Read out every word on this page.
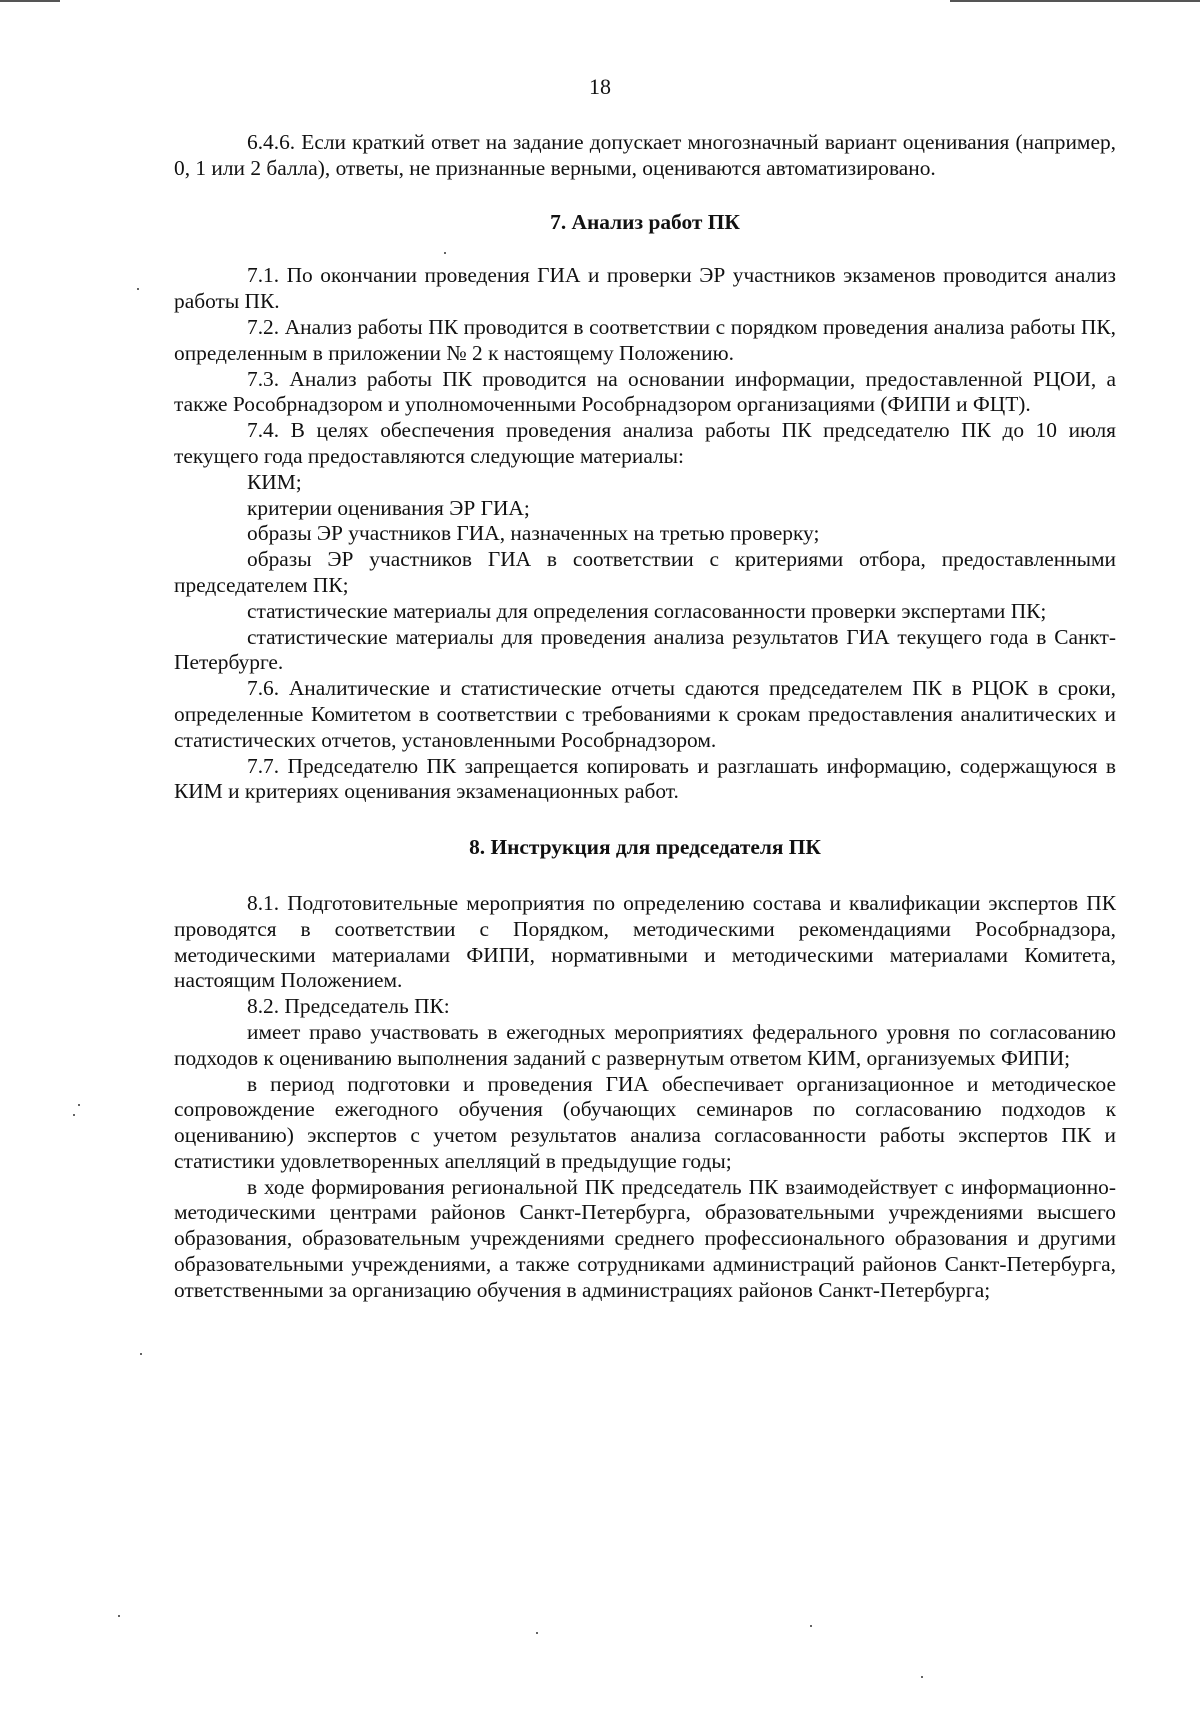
18

6.4.6. Если краткий ответ на задание допускает многозначный вариант оценивания (например, 0, 1 или 2 балла), ответы, не признанные верными, оцениваются автоматизировано.

7. Анализ работ ПК

7.1. По окончании проведения ГИА и проверки ЭР участников экзаменов проводится анализ работы ПК.

7.2. Анализ работы ПК проводится в соответствии с порядком проведения анализа работы ПК, определенным в приложении № 2 к настоящему Положению.

7.3. Анализ работы ПК проводится на основании информации, предоставленной РЦОИ, а также Рособрнадзором и уполномоченными Рособрнадзором организациями (ФИПИ и ФЦТ).

7.4. В целях обеспечения проведения анализа работы ПК председателю ПК до 10 июля текущего года предоставляются следующие материалы:

КИМ;

критерии оценивания ЭР ГИА;

образы ЭР участников ГИА, назначенных на третью проверку;

образы ЭР участников ГИА в соответствии с критериями отбора, предоставленными председателем ПК;

статистические материалы для определения согласованности проверки экспертами ПК;

статистические материалы для проведения анализа результатов ГИА текущего года в Санкт-Петербурге.

7.6. Аналитические и статистические отчеты сдаются председателем ПК в РЦОК в сроки, определенные Комитетом в соответствии с требованиями к срокам предоставления аналитических и статистических отчетов, установленными Рособрнадзором.

7.7. Председателю ПК запрещается копировать и разглашать информацию, содержащуюся в КИМ и критериях оценивания экзаменационных работ.

8. Инструкция для председателя ПК

8.1. Подготовительные мероприятия по определению состава и квалификации экспертов ПК проводятся в соответствии с Порядком, методическими рекомендациями Рособрнадзора, методическими материалами ФИПИ, нормативными и методическими материалами Комитета, настоящим Положением.

8.2. Председатель ПК:

имеет право участвовать в ежегодных мероприятиях федерального уровня по согласованию подходов к оцениванию выполнения заданий с развернутым ответом КИМ, организуемых ФИПИ;

в период подготовки и проведения ГИА обеспечивает организационное и методическое сопровождение ежегодного обучения (обучающих семинаров по согласованию подходов к оцениванию) экспертов с учетом результатов анализа согласованности работы экспертов ПК и статистики удовлетворенных апелляций в предыдущие годы;

в ходе формирования региональной ПК председатель ПК взаимодействует с информационно-методическими центрами районов Санкт-Петербурга, образовательными учреждениями высшего образования, образовательным учреждениями среднего профессионального образования и другими образовательными учреждениями, а также сотрудниками администраций районов Санкт-Петербурга, ответственными за организацию обучения в администрациях районов Санкт-Петербурга;
